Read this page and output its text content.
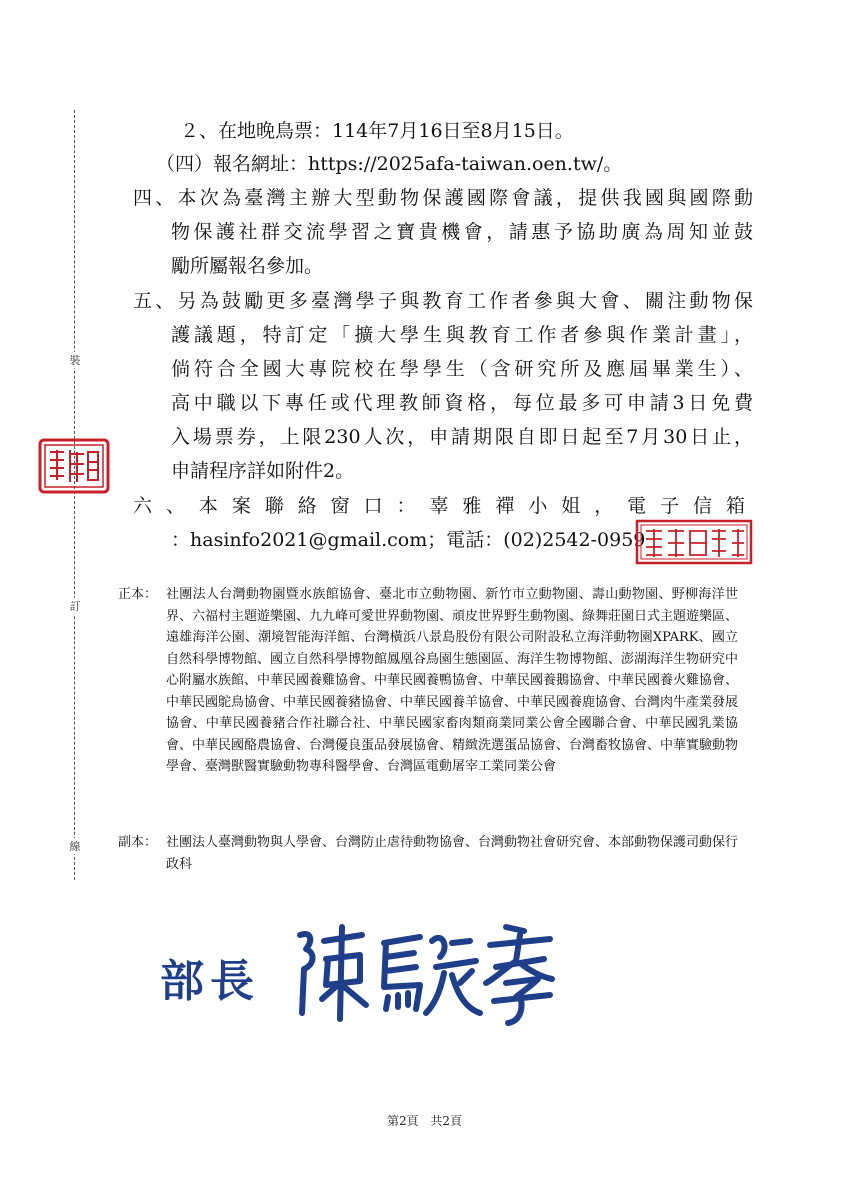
裝
訂
線
２、在地晚鳥票：114年7月16日至8月15日。
（四）報名網址：https://2025afa-taiwan.oen.tw/。
四、本次為臺灣主辦大型動物保護國際會議，提供我國與國際動
物保護社群交流學習之寶貴機會，請惠予協助廣為周知並鼓
勵所屬報名參加。
五、另為鼓勵更多臺灣學子與教育工作者參與大會、關注動物保
護議題，特訂定「擴大學生與教育工作者參與作業計畫」，
倘符合全國大專院校在學學生（含研究所及應屆畢業生）、
高中職以下專任或代理教師資格，每位最多可申請3日免費
入場票券，上限230人次，申請期限自即日起至7月30日止，
申請程序詳如附件2。
六、本案聯絡窗口：辜雅禪小姐，電子信箱
：hasinfo2021@gmail.com；電話：(02)2542-0959
正本： 社團法人台灣動物園暨水族館協會、臺北市立動物園、新竹市立動物園、壽山動物園、野柳海洋世界、六福村主題遊樂園、九九峰可愛世界動物園、頑皮世界野生動物園、綠舞莊園日式主題遊樂區、遠雄海洋公園、潮境智能海洋館、台灣橫浜八景島股份有限公司附設私立海洋動物園XPARK、國立自然科學博物館、國立自然科學博物館鳳凰谷鳥園生態園區、海洋生物博物館、澎湖海洋生物研究中心附屬水族館、中華民國養雞協會、中華民國養鴨協會、中華民國養鵝協會、中華民國養火雞協會、中華民國鴕鳥協會、中華民國養豬協會、中華民國養羊協會、中華民國養鹿協會、台灣肉牛產業發展協會、中華民國養豬合作社聯合社、中華民國家畜肉類商業同業公會全國聯合會、中華民國乳業協會、中華民國酪農協會、台灣優良蛋品發展協會、精緻洗選蛋品協會、台灣畜牧協會、中華實驗動物學會、臺灣獸醫實驗動物專科醫學會、台灣區電動屠宰工業同業公會
副本： 社團法人臺灣動物與人學會、台灣防止虐待動物協會、台灣動物社會研究會、本部動物保護司動保行政科
部長
第2頁 共2頁
